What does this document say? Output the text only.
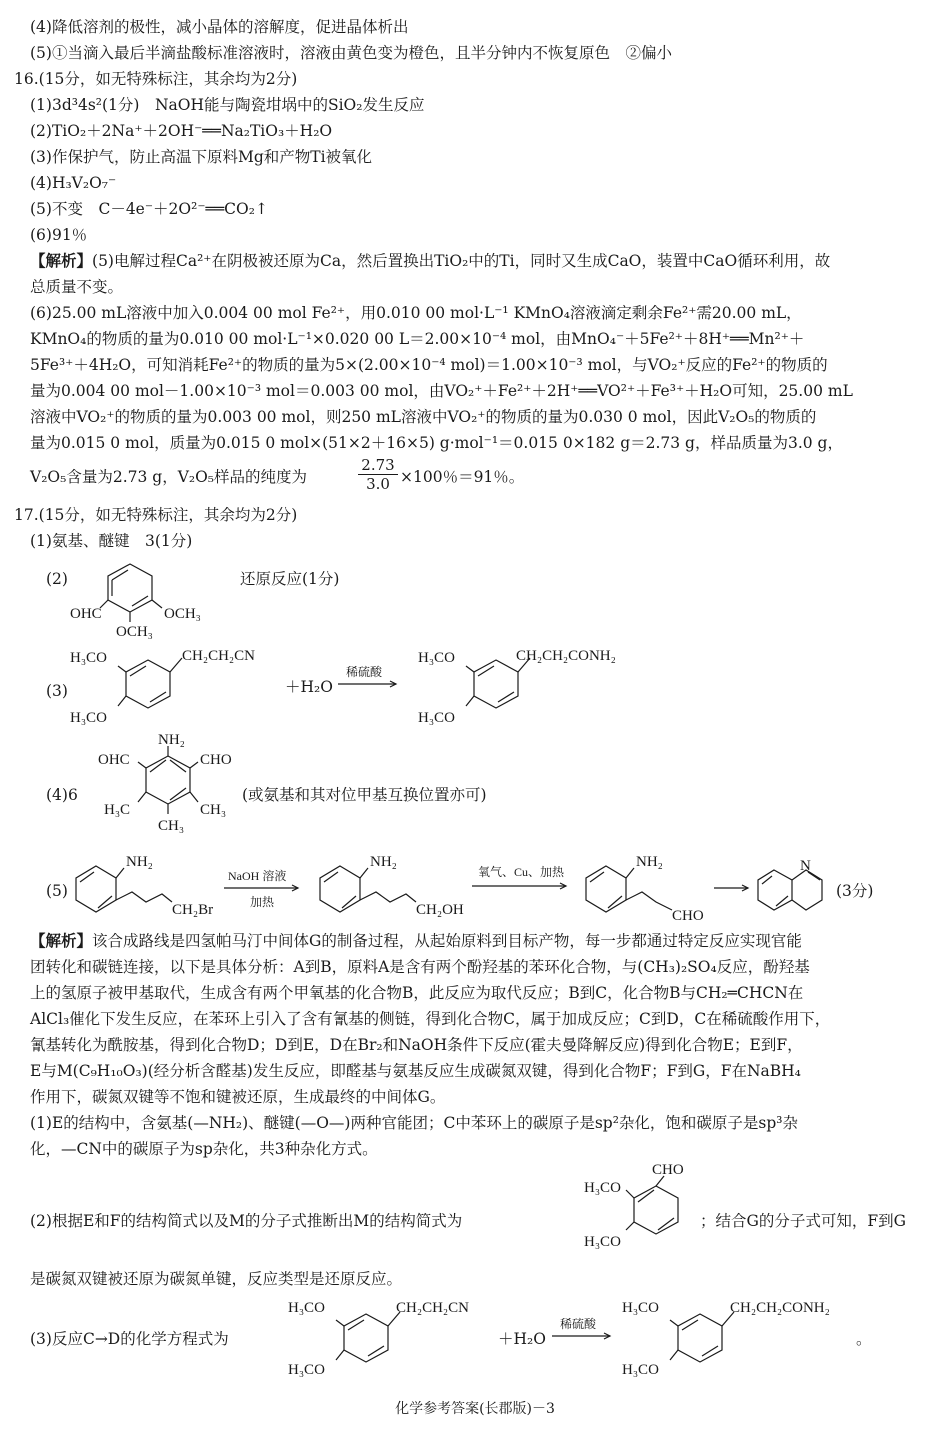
(4)降低溶剂的极性，减小晶体的溶解度，促进晶体析出
(5)①当滴入最后半滴盐酸标准溶液时，溶液由黄色变为橙色，且半分钟内不恢复原色　②偏小
16.(15分，如无特殊标注，其余均为2分)
(1)3d³4s²(1分)　NaOH能与陶瓷坩埚中的SiO₂发生反应
(2)TiO₂＋2Na⁺＋2OH⁻══Na₂TiO₃＋H₂O
(3)作保护气，防止高温下原料Mg和产物Ti被氧化
(4)H₃V₂O₇⁻
(5)不变　C－4e⁻＋2O²⁻══CO₂↑
(6)91％
【解析】(5)电解过程Ca²⁺在阴极被还原为Ca，然后置换出TiO₂中的Ti，同时又生成CaO，装置中CaO循环利用，故
总质量不变。
(6)25.00 mL溶液中加入0.004 00 mol Fe²⁺，用0.010 00 mol·L⁻¹ KMnO₄溶液滴定剩余Fe²⁺需20.00 mL，
KMnO₄的物质的量为0.010 00 mol·L⁻¹×0.020 00 L＝2.00×10⁻⁴ mol，由MnO₄⁻＋5Fe²⁺＋8H⁺══Mn²⁺＋
5Fe³⁺＋4H₂O，可知消耗Fe²⁺的物质的量为5×(2.00×10⁻⁴ mol)＝1.00×10⁻³ mol，与VO₂⁺反应的Fe²⁺的物质的
量为0.004 00 mol－1.00×10⁻³ mol＝0.003 00 mol，由VO₂⁺＋Fe²⁺＋2H⁺══VO²⁺＋Fe³⁺＋H₂O可知，25.00 mL
溶液中VO₂⁺的物质的量为0.003 00 mol，则250 mL溶液中VO₂⁺的物质的量为0.030 0 mol，因此V₂O₅的物质的
量为0.015 0 mol，质量为0.015 0 mol×(51×2＋16×5) g·mol⁻¹＝0.015 0×182 g＝2.73 g，样品质量为3.0 g，
V₂O₅含量为2.73 g，V₂O₅样品的纯度为	$\frac{2.73}{3.0} \times 100$％＝91％。
17.(15分，如无特殊标注，其余均为2分)
(1)氨基、醚键　3(1分)
(2)
OHC	OCH₃
OCH₃
还原反应(1分)
(3)
H₃CO
H₃CO
CH₂CH₂CN
＋H₂O
稀硫酸
H₃CO
H₃CO
CH₂CH₂CONH₂
(4)6
NH₂
OHC	CHO
H₃C	CH₃
CH₃
(或氨基和其对位甲基互换位置亦可)
(5)
NH₂
CH₂Br
NaOH 溶液
加热
NH₂
CH₂OH
氧气、Cu、加热
NH₂
CHO
N
(3分)
【解析】该合成路线是四氢帕马汀中间体G的制备过程，从起始原料到目标产物，每一步都通过特定反应实现官能
团转化和碳链连接，以下是具体分析：A到B，原料A是含有两个酚羟基的苯环化合物，与(CH₃)₂SO₄反应，酚羟基
上的氢原子被甲基取代，生成含有两个甲氧基的化合物B，此反应为取代反应；B到C，化合物B与CH₂═CHCN在
AlCl₃催化下发生反应，在苯环上引入了含有氰基的侧链，得到化合物C，属于加成反应；C到D，C在稀硫酸作用下，
氰基转化为酰胺基，得到化合物D；D到E，D在Br₂和NaOH条件下反应(霍夫曼降解反应)得到化合物E；E到F，
E与M(C₉H₁₀O₃)(经分析含醛基)发生反应，即醛基与氨基反应生成碳氮双键，得到化合物F；F到G，F在NaBH₄
作用下，碳氮双键等不饱和键被还原，生成最终的中间体G。
(1)E的结构中，含氨基(—NH₂)、醚键(—O—)两种官能团；C中苯环上的碳原子是sp²杂化，饱和碳原子是sp³杂
化，—CN中的碳原子为sp杂化，共3种杂化方式。
(2)根据E和F的结构简式以及M的分子式推断出M的结构简式为
CHO
H₃CO
H₃CO
；结合G的分子式可知，F到G
是碳氮双键被还原为碳氮单键，反应类型是还原反应。
(3)反应C→D的化学方程式为
H₃CO
H₃CO
CH₂CH₂CN
＋H₂O
稀硫酸
H₃CO
H₃CO
CH₂CH₂CONH₂
。
化学参考答案(长郡版)－3
